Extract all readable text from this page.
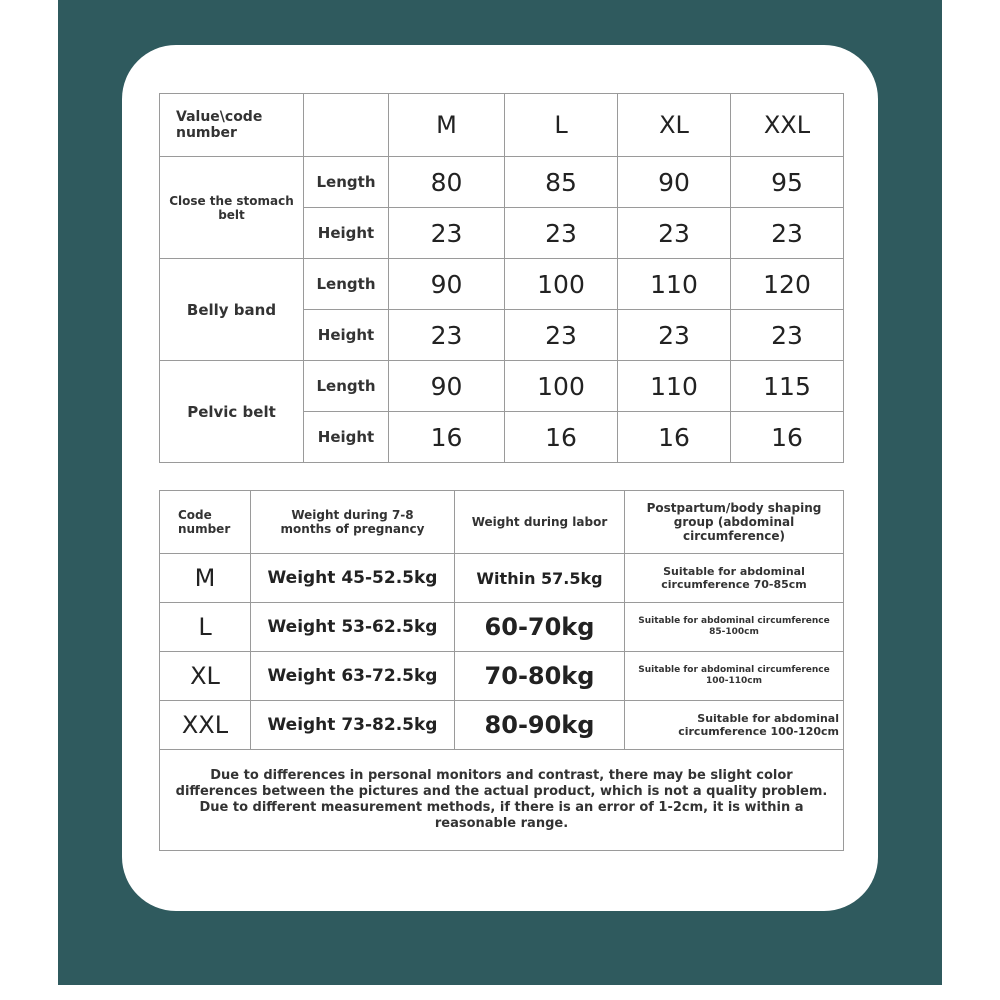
Value\code number		M	L	XL	XXL
Close the stomach belt	Length	80	85	90	95
	Height	23	23	23	23
Belly band	Length	90	100	110	120
	Height	23	23	23	23
Pelvic belt	Length	90	100	110	115
	Height	16	16	16	16
Code number	Weight during 7-8 months of pregnancy	Weight during labor	Postpartum/body shaping group (abdominal circumference)
M	Weight 45-52.5kg	Within 57.5kg	Suitable for abdominal circumference 70-85cm
L	Weight 53-62.5kg	60-70kg	Suitable for abdominal circumference 85-100cm
XL	Weight 63-72.5kg	70-80kg	Suitable for abdominal circumference 100-110cm
XXL	Weight 73-82.5kg	80-90kg	Suitable for abdominal circumference 100-120cm
Due to differences in personal monitors and contrast, there may be slight color differences between the pictures and the actual product, which is not a quality problem. Due to different measurement methods, if there is an error of 1-2cm, it is within a reasonable range.			
